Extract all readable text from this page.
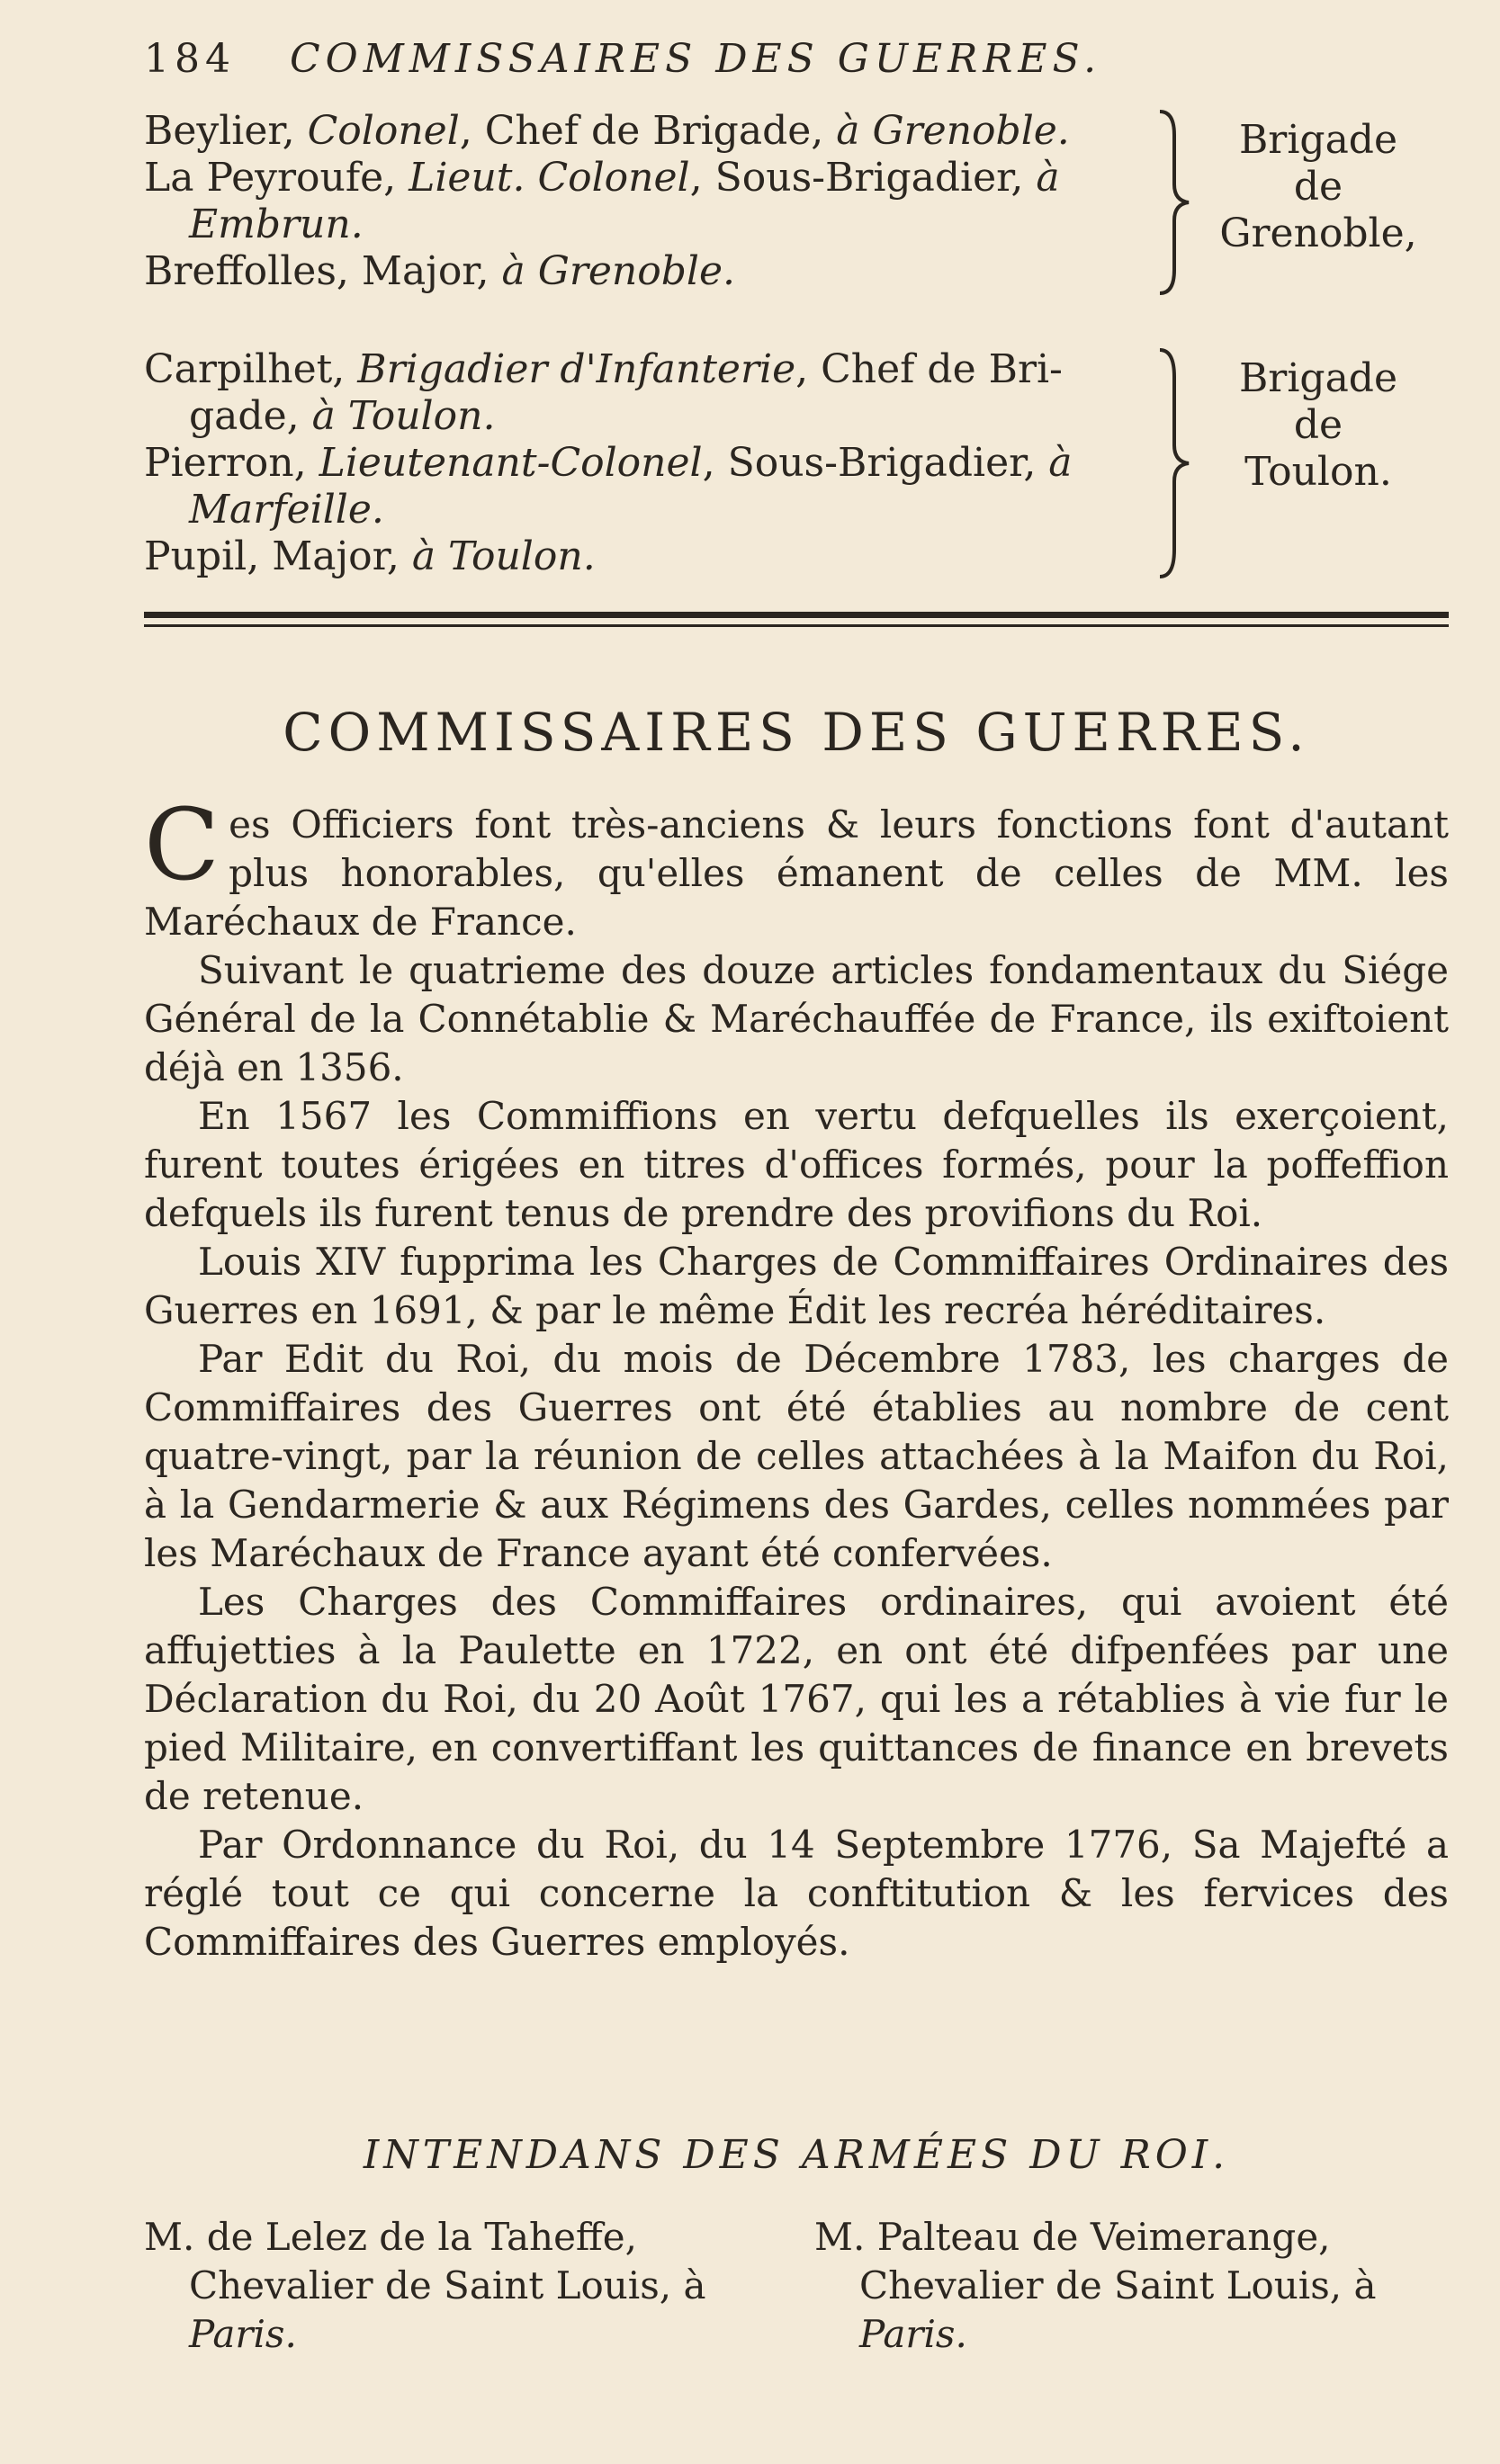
184 COMMISSAIRES DES GUERRES.
Beylier, Colonel, Chef de Brigade, à Grenoble.
La Peyroufe, Lieut. Colonel, Sous-Brigadier, à
Embrun.
Breffolles, Major, à Grenoble.
Brigade
de
Grenoble,
Carpilhet, Brigadier d'Infanterie, Chef de Bri-
gade, à Toulon.
Pierron, Lieutenant-Colonel, Sous-Brigadier, à
Marfeille.
Pupil, Major, à Toulon.
Brigade
de
Toulon.
COMMISSAIRES DES GUERRES.

Ces Officiers font très-anciens & leurs fonctions font d'autant plus honorables, qu'elles émanent de celles de MM. les Maréchaux de France.

Suivant le quatrieme des douze articles fondamentaux du Siége Général de la Connétablie & Maréchauffée de France, ils exiftoient déjà en 1356.

En 1567 les Commiffions en vertu defquelles ils exerçoient, furent toutes érigées en titres d'offices formés, pour la poffeffion defquels ils furent tenus de prendre des provifions du Roi.

Louis XIV fupprima les Charges de Commiffaires Ordinaires des Guerres en 1691, & par le même Édit les recréa héréditaires.

Par Edit du Roi, du mois de Décembre 1783, les charges de Commiffaires des Guerres ont été établies au nombre de cent quatre-vingt, par la réunion de celles attachées à la Maifon du Roi, à la Gendarmerie & aux Régimens des Gardes, celles nommées par les Maréchaux de France ayant été confervées.

Les Charges des Commiffaires ordinaires, qui avoient été affujetties à la Paulette en 1722, en ont été difpenfées par une Déclaration du Roi, du 20 Août 1767, qui les a rétablies à vie fur le pied Militaire, en convertiffant les quittances de finance en brevets de retenue.

Par Ordonnance du Roi, du 14 Septembre 1776, Sa Majefté a réglé tout ce qui concerne la conftitution & les fervices des Commiffaires des Guerres employés.

INTENDANS DES ARMÉES DU ROI.
M. de Lelez de la Taheffe,
Chevalier de Saint Louis, à
Paris.
M. Palteau de Veimerange,
Chevalier de Saint Louis, à
Paris.
